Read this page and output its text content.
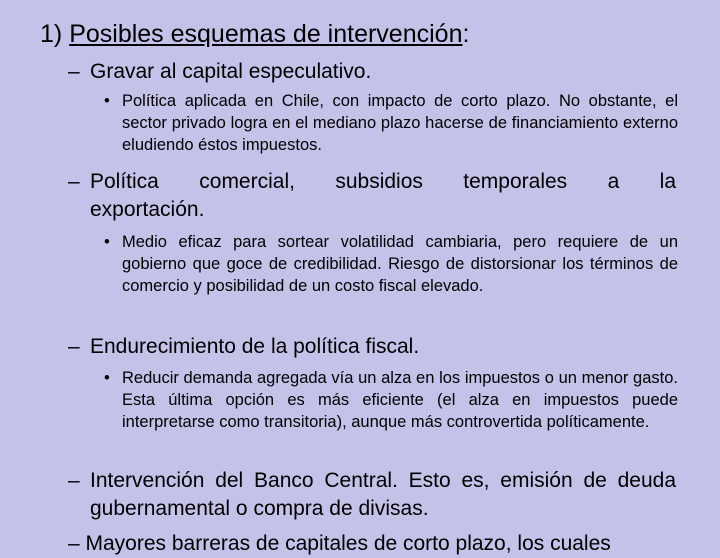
1) Posibles esquemas de intervención:
– Gravar al capital especulativo.
• Política aplicada en Chile, con impacto de corto plazo. No obstante, el sector privado logra en el mediano plazo hacerse de financiamiento externo eludiendo éstos impuestos.
– Política comercial, subsidios temporales a la
exportación.
• Medio eficaz para sortear volatilidad cambiaria, pero requiere de un gobierno que goce de credibilidad. Riesgo de distorsionar los términos de comercio y posibilidad de un costo fiscal elevado.
– Endurecimiento de la política fiscal.
• Reducir demanda agregada vía un alza en los impuestos o un menor gasto. Esta última opción es más eficiente (el alza en impuestos puede interpretarse como transitoria), aunque más controvertida políticamente.
– Intervención del Banco Central. Esto es, emisión de deuda gubernamental o compra de divisas.
– Mayores barreras de capitales de corto plazo, los cuales
